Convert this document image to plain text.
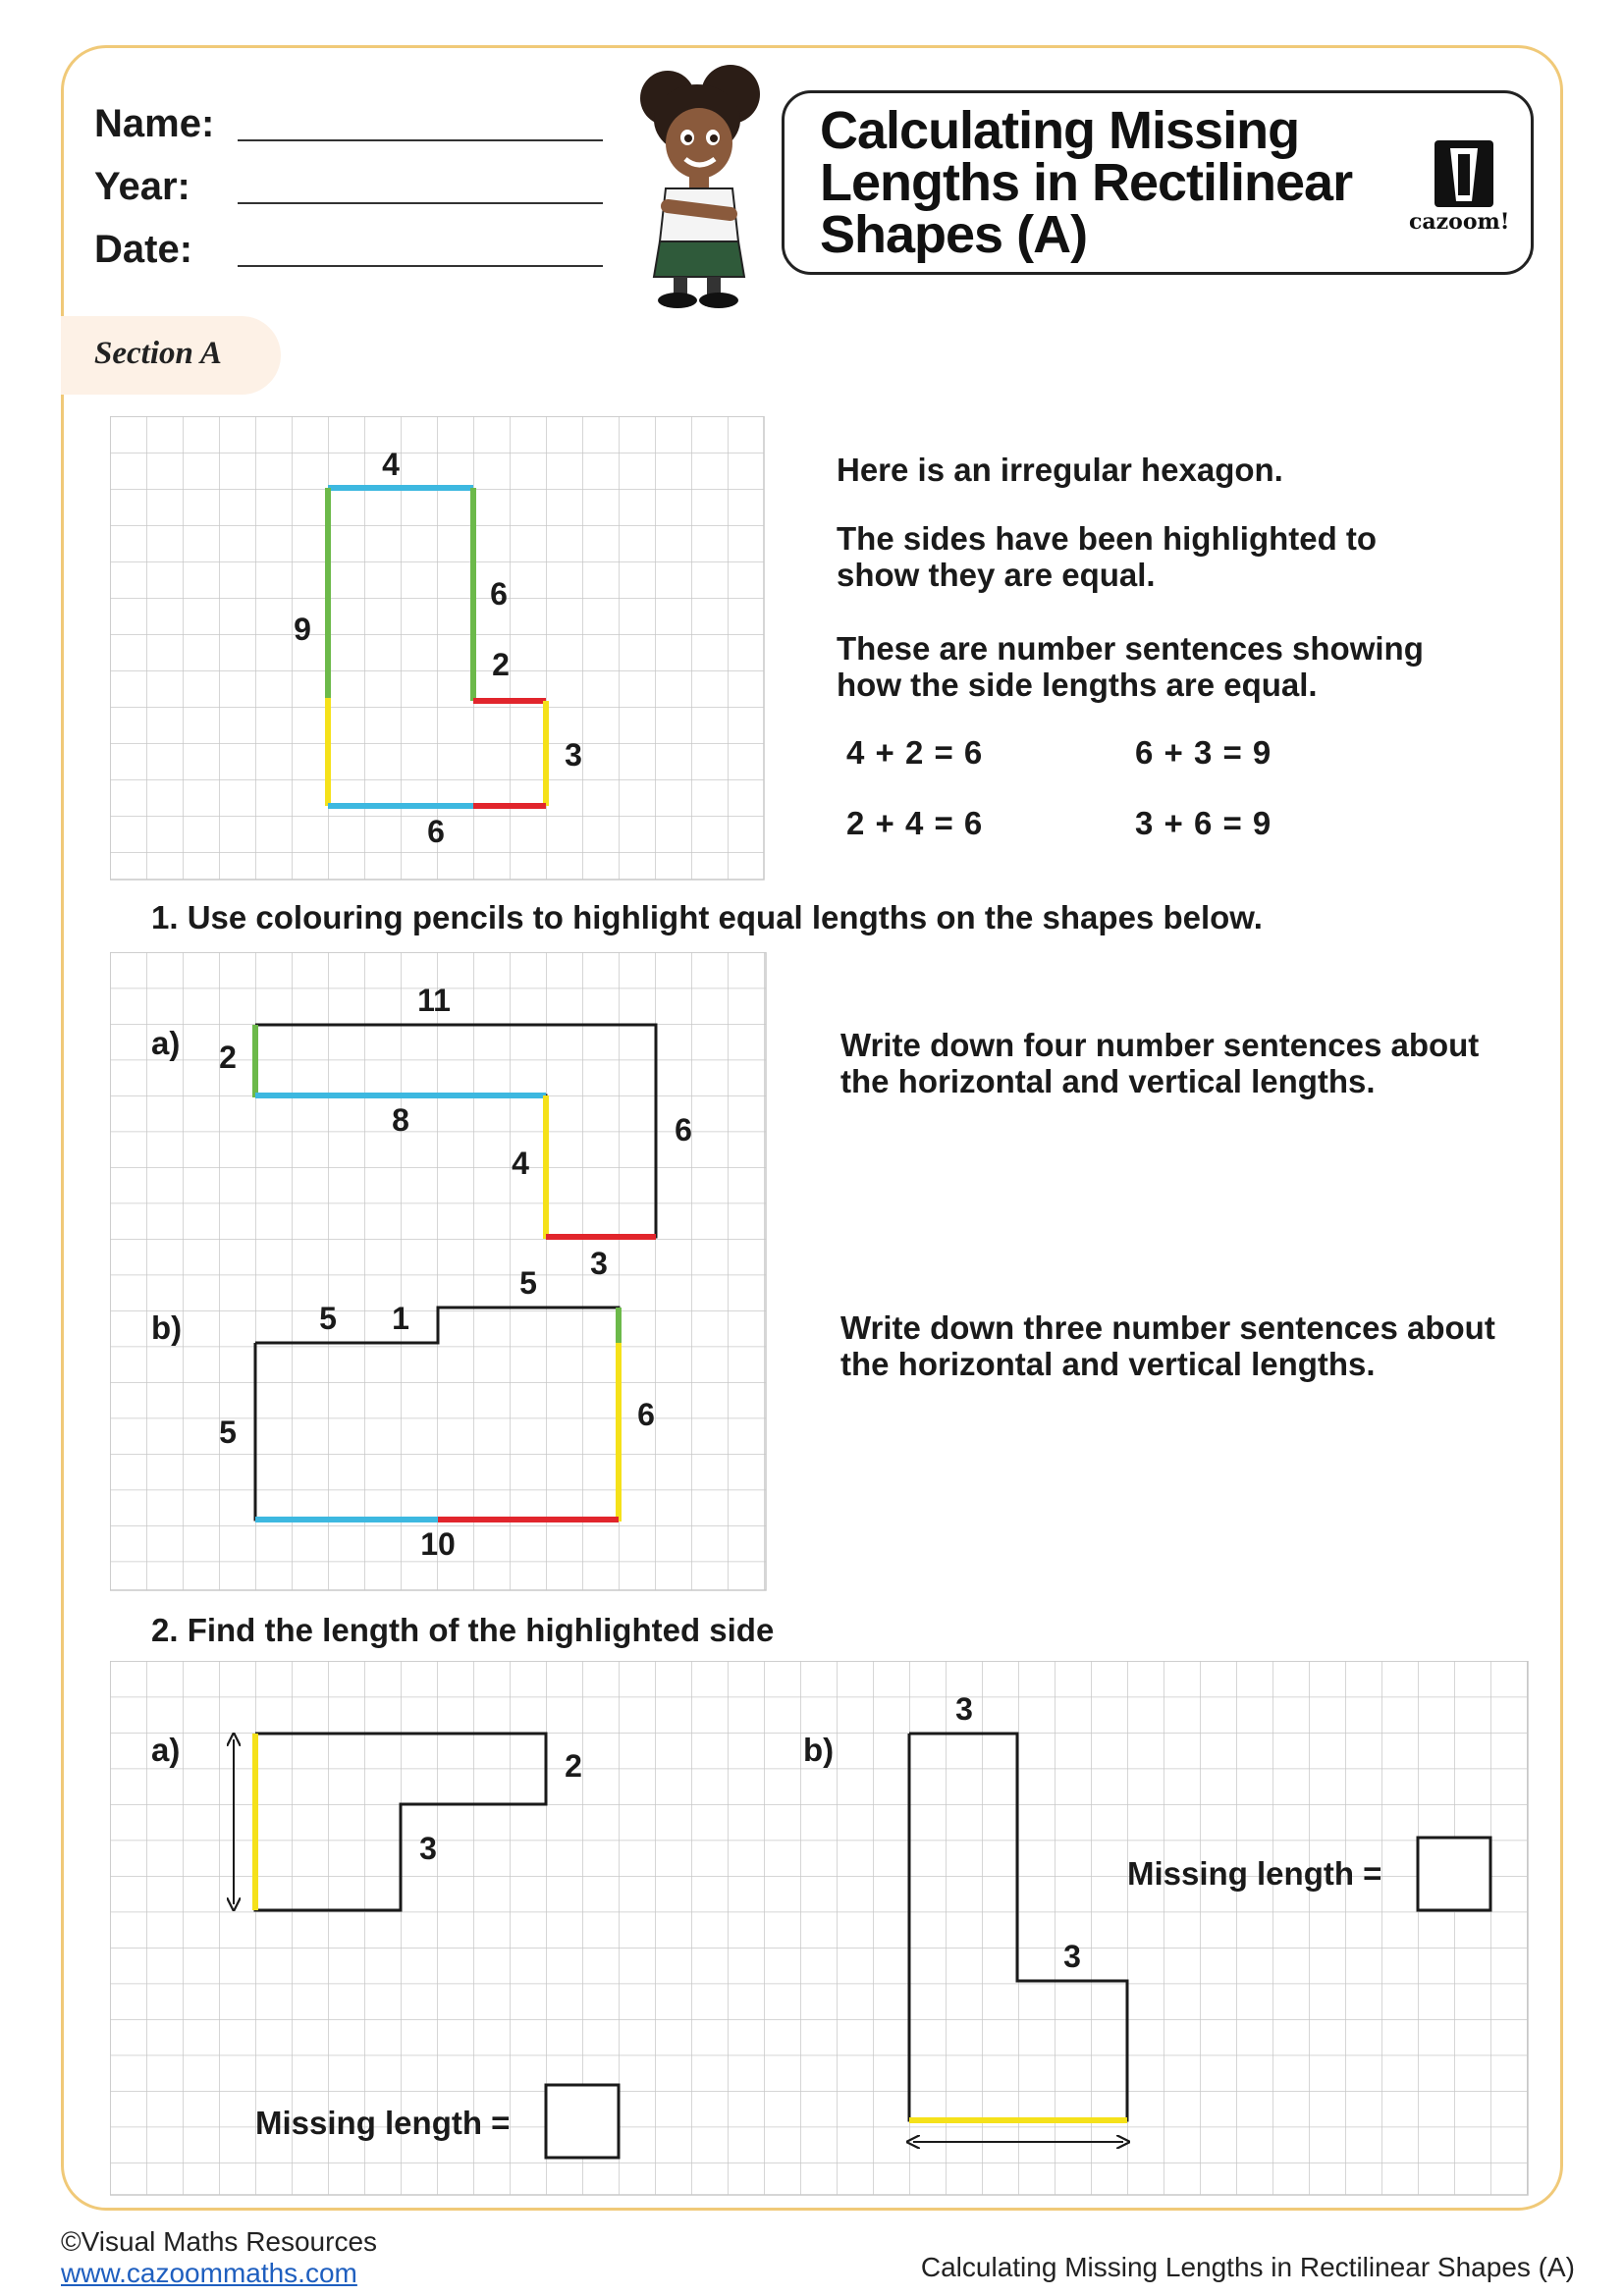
Name:
Year:
Date:
Calculating Missing Lengths in Rectilinear Shapes (A)	cazoom!
Section A
4
9
6
2
3
6
Here is an irregular hexagon.
The sides have been highlighted to show they are equal.
These are number sentences showing how the side lengths are equal.
4 + 2 = 6	6 + 3 = 9
2 + 4 = 6	3 + 6 = 9
1. Use colouring pencils to highlight equal lengths on the shapes below.
a)
11
2
8
4
6
3
b)	5 1
5
5	6
10
Write down four number sentences about the horizontal and vertical lengths.
Write down three number sentences about the horizontal and vertical lengths.
2. Find the length of the highlighted side
a)	2
3
b)
3
3
Missing length =
Missing length =
©Visual Maths Resources
www.cazoommaths.com	Calculating Missing Lengths in Rectilinear Shapes (A)
